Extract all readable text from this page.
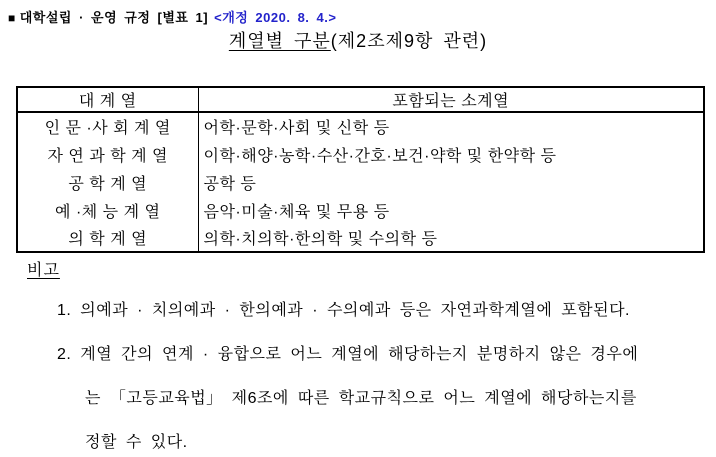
■ 대학설립 · 운영 규정 [별표 1] <개정 2020. 8. 4.>
계열별 구분(제2조제9항 관련)
대 계 열	포함되는 소계열
인 문 ·사 회 계 열	어학·문학·사회 및 신학 등
자 연 과 학 계 열	이학·해양·농학·수산·간호·보건·약학 및 한약학 등
공 학 계 열	공학 등
예 ·체 능 계 열	음악·미술·체육 및 무용 등
의 학 계 열	의학·치의학·한의학 및 수의학 등
비고
1. 의예과 · 치의예과 · 한의예과 · 수의예과 등은 자연과학계열에 포함된다.
2. 계열 간의 연계 · 융합으로 어느 계열에 해당하는지 분명하지 않은 경우에
는 「고등교육법」 제6조에 따른 학교규칙으로 어느 계열에 해당하는지를
정할 수 있다.
